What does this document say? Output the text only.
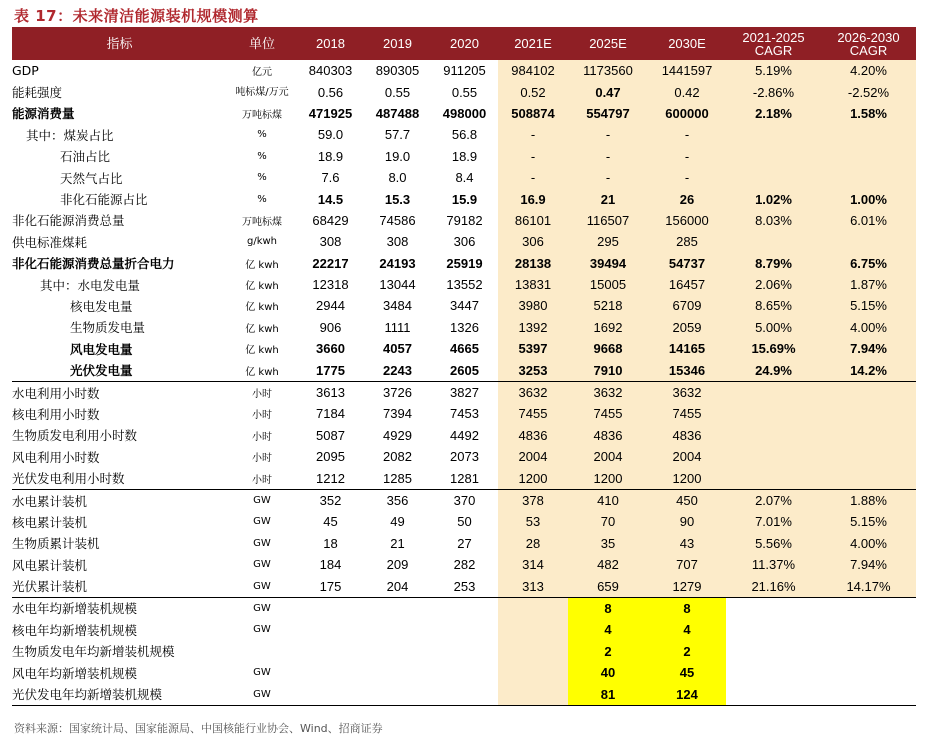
表 17：未来清洁能源装机规模测算
指标	单位	2018	2019	2020	2021E	2025E	2030E	2021-2025 CAGR	2026-2030 CAGR
GDP	亿元	840303	890305	911205	984102	1173560	1441597	5.19%	4.20%
能耗强度	吨标煤/万元	0.56	0.55	0.55	0.52	0.47	0.42	-2.86%	-2.52%
能源消费量	万吨标煤	471925	487488	498000	508874	554797	600000	2.18%	1.58%
其中：煤炭占比	%	59.0	57.7	56.8	-	-	-		
石油占比	%	18.9	19.0	18.9	-	-	-		
天然气占比	%	7.6	8.0	8.4	-	-	-		
非化石能源占比	%	14.5	15.3	15.9	16.9	21	26	1.02%	1.00%
非化石能源消费总量	万吨标煤	68429	74586	79182	86101	116507	156000	8.03%	6.01%
供电标准煤耗	g/kwh	308	308	306	306	295	285		
非化石能源消费总量折合电力	亿 kwh	22217	24193	25919	28138	39494	54737	8.79%	6.75%
其中：水电发电量	亿 kwh	12318	13044	13552	13831	15005	16457	2.06%	1.87%
核电发电量	亿 kwh	2944	3484	3447	3980	5218	6709	8.65%	5.15%
生物质发电量	亿 kwh	906	1111	1326	1392	1692	2059	5.00%	4.00%
风电发电量	亿 kwh	3660	4057	4665	5397	9668	14165	15.69%	7.94%
光伏发电量	亿 kwh	1775	2243	2605	3253	7910	15346	24.9%	14.2%
水电利用小时数	小时	3613	3726	3827	3632	3632	3632		
核电利用小时数	小时	7184	7394	7453	7455	7455	7455		
生物质发电利用小时数	小时	5087	4929	4492	4836	4836	4836		
风电利用小时数	小时	2095	2082	2073	2004	2004	2004		
光伏发电利用小时数	小时	1212	1285	1281	1200	1200	1200		
水电累计装机	GW	352	356	370	378	410	450	2.07%	1.88%
核电累计装机	GW	45	49	50	53	70	90	7.01%	5.15%
生物质累计装机	GW	18	21	27	28	35	43	5.56%	4.00%
风电累计装机	GW	184	209	282	314	482	707	11.37%	7.94%
光伏累计装机	GW	175	204	253	313	659	1279	21.16%	14.17%
水电年均新增装机规模	GW					8	8		
核电年均新增装机规模	GW					4	4		
生物质发电年均新增装机规模						2	2		
风电年均新增装机规模	GW					40	45		
光伏发电年均新增装机规模	GW					81	124		
资料来源：国家统计局、国家能源局、中国核能行业协会、Wind、招商证券
